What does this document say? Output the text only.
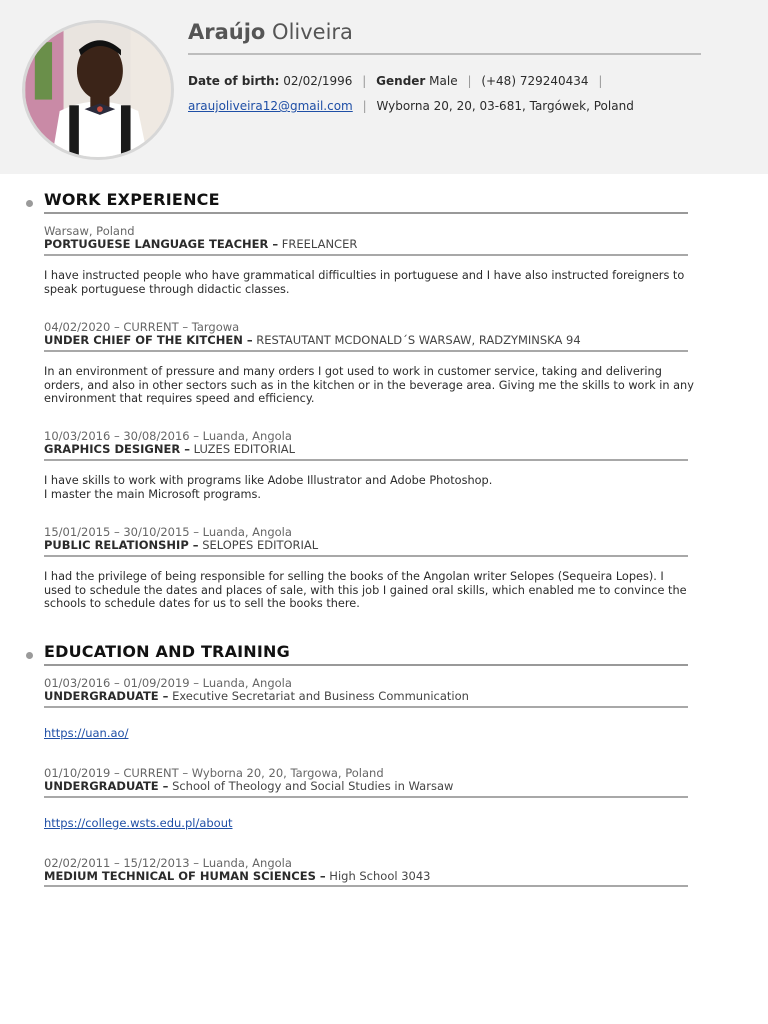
Araújo Oliveira
Date of birth: 02/02/1996 | Gender Male | (+48) 729240434 |
araujoliveira12@gmail.com | Wyborna 20, 20, 03-681, Targówek, Poland
WORK EXPERIENCE
Warsaw, Poland
PORTUGUESE LANGUAGE TEACHER – FREELANCER
I have instructed people who have grammatical difficulties in portuguese and I have also instructed foreigners to speak portuguese through didactic classes.
04/02/2020 – CURRENT – Targowa
UNDER CHIEF OF THE KITCHEN – RESTAUTANT MCDONALD´S WARSAW, RADZYMINSKA 94
In an environment of pressure and many orders I got used to work in customer service, taking and delivering orders, and also in other sectors such as in the kitchen or in the beverage area. Giving me the skills to work in any environment that requires speed and efficiency.
10/03/2016 – 30/08/2016 – Luanda, Angola
GRAPHICS DESIGNER – LUZES EDITORIAL
I have skills to work with programs like Adobe Illustrator and Adobe Photoshop.
I master the main Microsoft programs.
15/01/2015 – 30/10/2015 – Luanda, Angola
PUBLIC RELATIONSHIP – SELOPES EDITORIAL
I had the privilege of being responsible for selling the books of the Angolan writer Selopes (Sequeira Lopes). I used to schedule the dates and places of sale, with this job I gained oral skills, which enabled me to convince the schools to schedule dates for us to sell the books there.
EDUCATION AND TRAINING
01/03/2016 – 01/09/2019 – Luanda, Angola
UNDERGRADUATE – Executive Secretariat and Business Communication
https://uan.ao/
01/10/2019 – CURRENT – Wyborna 20, 20, Targowa, Poland
UNDERGRADUATE – School of Theology and Social Studies in Warsaw
https://college.wsts.edu.pl/about
02/02/2011 – 15/12/2013 – Luanda, Angola
MEDIUM TECHNICAL OF HUMAN SCIENCES – High School 3043
